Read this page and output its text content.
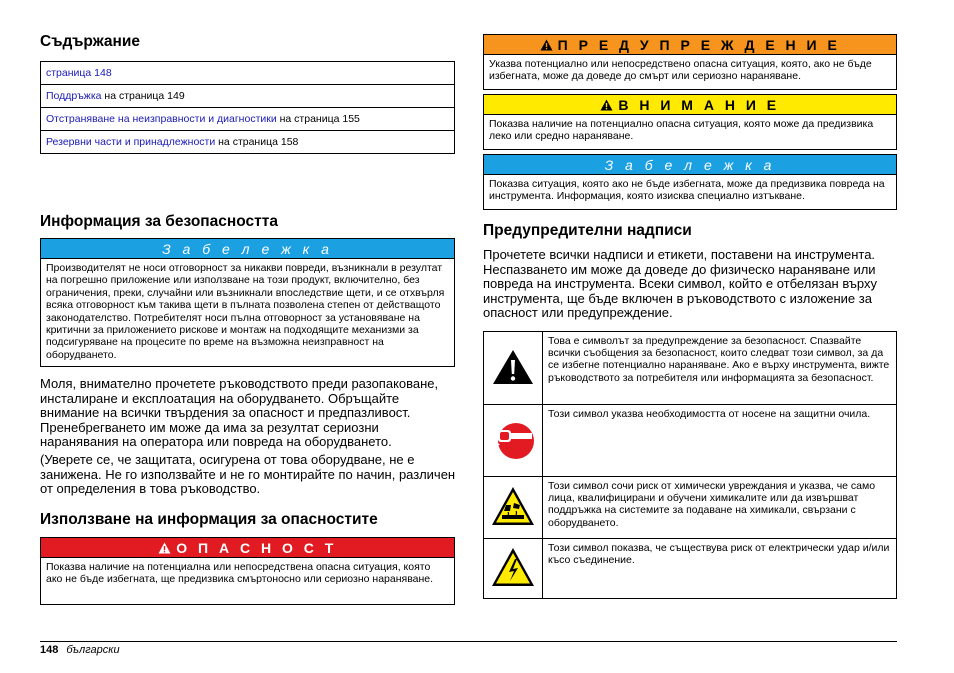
Съдържание
страница 148
Поддръжка на страница 149
Отстраняване на неизправности и диагностики на страница 155
Резервни части и принадлежности на страница 158
Информация за безопасността
З а б е л е ж к а
Производителят не носи отговорност за никакви повреди, възникнали в резултат на погрешно приложение или използване на този продукт, включително, без ограничения, преки, случайни или възникнали впоследствие щети, и се отхвърля всяка отговорност към такива щети в пълната позволена степен от действащото законодателство. Потребителят носи пълна отговорност за установяване на критични за приложението рискове и монтаж на подходящите механизми за подсигуряване на процесите по време на възможна неизправност на оборудването.

Моля, внимателно прочетете ръководството преди разопаковане, инсталиране и експлоатация на оборудването. Обръщайте внимание на всички твърдения за опасност и предпазливост. Пренебрегването им може да има за резултат сериозни наранявания на оператора или повреда на оборудването.

(Уверете се, че защитата, осигурена от това оборудване, не е занижена. Не го използвайте и не го монтирайте по начин, различен от определения в това ръководство.

Използване на информация за опасностите
О П А С Н О С Т
Показва наличие на потенциална или непосредствена опасна ситуация, която ако не бъде избегната, ще предизвика смъртоносно или сериозно нараняване.
П Р Е Д У П Р Е Ж Д Е Н И Е
Указва потенциално или непосредствено опасна ситуация, която, ако не бъде избегната, може да доведе до смърт или сериозно нараняване.
В Н И М А Н И Е
Показва наличие на потенциално опасна ситуация, която може да предизвика леко или средно нараняване.
З а б е л е ж к а
Показва ситуация, която ако не бъде избегната, може да предизвика повреда на инструмента. Информация, която изисква специално изтъкване.
Предупредителни надписи

Прочетете всички надписи и етикети, поставени на инструмента. Неспазването им може да доведе до физическо нараняване или повреда на инструмента. Всеки символ, който е отбелязан върху инструмента, ще бъде включен в ръководството с изложение за опасност или предупреждение.

	Това е символът за предупреждение за безопасност. Спазвайте всички съобщения за безопасност, които следват този символ, за да се избегне потенциално нараняване. Ако е върху инструмента, вижте ръководството за потребителя или информацията за безопасност.
	Този символ указва необходимостта от носене на защитни очила.
	Този символ сочи риск от химически увреждания и указва, че само лица, квалифицирани и обучени химикалите или да извършват поддръжка на системите за подаване на химикали, свързани с оборудването.
	Този символ показва, че съществува риск от електрически удар и/или късо съединение.
148 български
